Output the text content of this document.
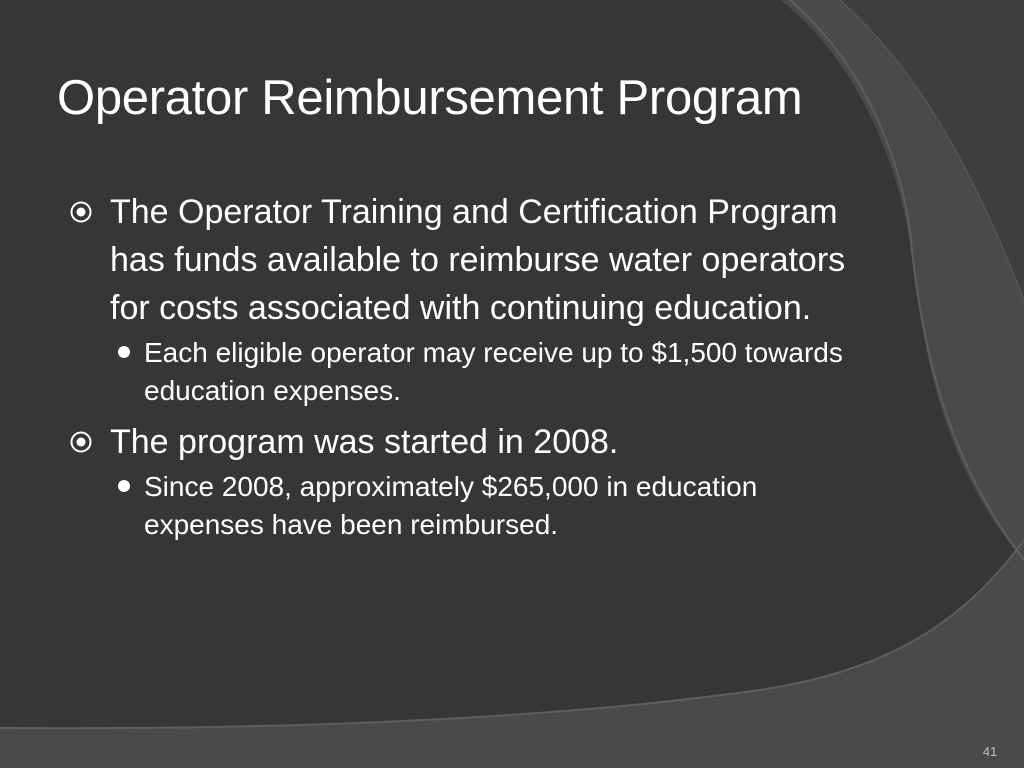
Operator Reimbursement Program
The Operator Training and Certification Program has funds available to reimburse water operators for costs associated with continuing education.
Each eligible operator may receive up to $1,500 towards education expenses.
The program was started in 2008.
Since 2008, approximately $265,000 in education expenses have been reimbursed.
41
